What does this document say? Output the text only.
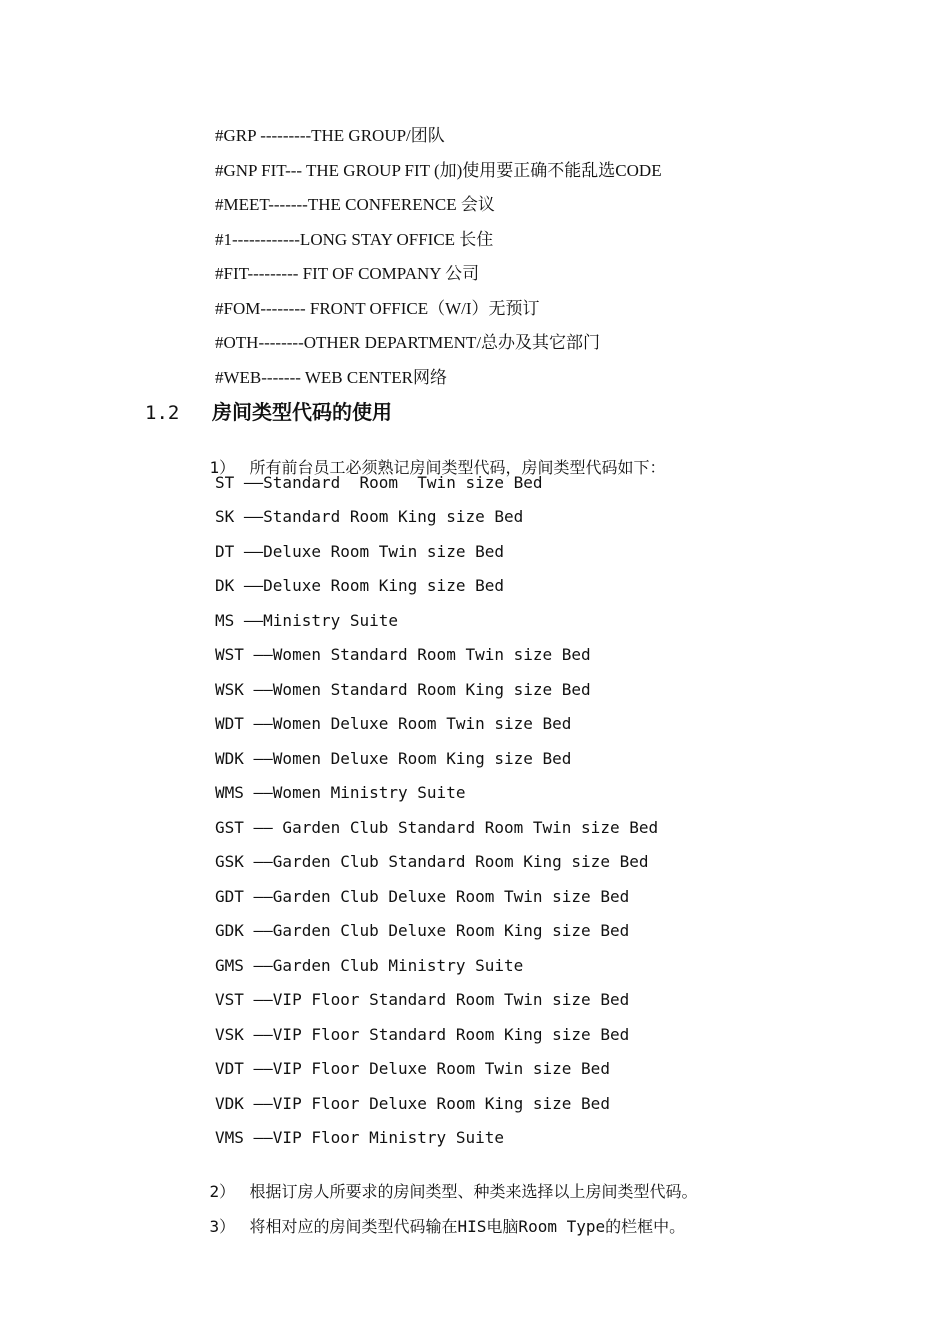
#GRP ---------THE GROUP/团队
#GNP FIT--- THE GROUP FIT (加)使用要正确不能乱选CODE
#MEET-------THE CONFERENCE 会议
#1------------LONG STAY OFFICE 长住
#FIT--------- FIT OF COMPANY 公司
#FOM-------- FRONT OFFICE（W/I）无预订
#OTH--------OTHER DEPARTMENT/总办及其它部门
#WEB------- WEB CENTER网络
1.2 房间类型代码的使用

1） 所有前台员工必须熟记房间类型代码，房间类型代码如下：

ST ——Standard  Room  Twin size Bed
SK ——Standard Room King size Bed
DT ——Deluxe Room Twin size Bed
DK ——Deluxe Room King size Bed
MS ——Ministry Suite
WST ——Women Standard Room Twin size Bed
WSK ——Women Standard Room King size Bed
WDT ——Women Deluxe Room Twin size Bed
WDK ——Women Deluxe Room King size Bed
WMS ——Women Ministry Suite
GST —— Garden Club Standard Room Twin size Bed
GSK ——Garden Club Standard Room King size Bed
GDT ——Garden Club Deluxe Room Twin size Bed
GDK ——Garden Club Deluxe Room King size Bed
GMS ——Garden Club Ministry Suite
VST ——VIP Floor Standard Room Twin size Bed
VSK ——VIP Floor Standard Room King size Bed
VDT ——VIP Floor Deluxe Room Twin size Bed
VDK ——VIP Floor Deluxe Room King size Bed
VMS ——VIP Floor Ministry Suite

2） 根据订房人所要求的房间类型、种类来选择以上房间类型代码。

3） 将相对应的房间类型代码输在HIS电脑Room Type的栏框中。
